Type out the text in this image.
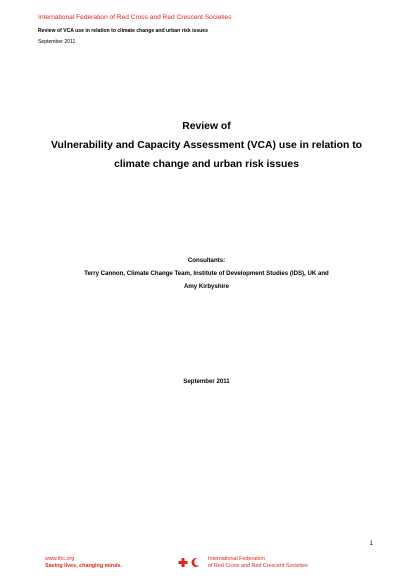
International Federation of Red Cross and Red Crescent Societies
Review of VCA use in relation to climate change and urban risk issues
September 2011
Review of
Vulnerability and Capacity Assessment (VCA) use in relation to
climate change and urban risk issues
Consultants:
Terry Cannon, Climate Change Team, Institute of Development Studies (IDS), UK and
Amy Kirbyshire
September 2011
1
www.ifrc.org
Saving lives, changing minds.
International Federation
of Red Cross and Red Crescent Societies
